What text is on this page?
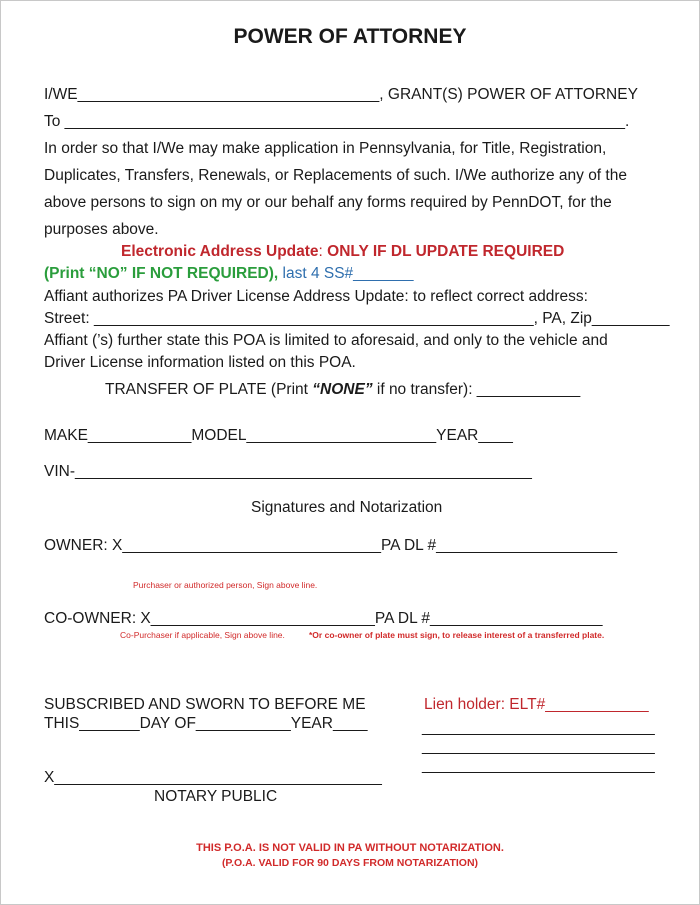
POWER OF ATTORNEY
I/WE___________________________________, GRANT(S) POWER OF ATTORNEY
To _________________________________________________________________.
In order so that I/We may make application in Pennsylvania, for Title, Registration,
Duplicates, Transfers, Renewals, or Replacements of such. I/We authorize any of the
above persons to sign on my or our behalf any forms required by PennDOT, for the
purposes above.
Electronic Address Update: ONLY IF DL UPDATE REQUIRED
(Print “NO” IF NOT REQUIRED), last 4 SS#_______
Affiant authorizes PA Driver License Address Update: to reflect correct address:
Street: ___________________________________________________, PA, Zip_________
Affiant (’s) further state this POA is limited to aforesaid, and only to the vehicle and
Driver License information listed on this POA.
TRANSFER OF PLATE (Print “NONE” if no transfer): ____________
MAKE____________MODEL______________________YEAR____
VIN-_____________________________________________________
Signatures and Notarization
OWNER: X______________________________PA DL #_____________________
Purchaser or authorized person, Sign above line.
CO-OWNER: X__________________________PA DL #____________________
Co-Purchaser if applicable, Sign above line.	*Or co-owner of plate must sign, to release interest of a transferred plate.
SUBSCRIBED AND SWORN TO BEFORE ME
THIS_______DAY OF___________YEAR____
X______________________________________
NOTARY PUBLIC
Lien holder: ELT#____________
___________________________
___________________________
___________________________
THIS P.O.A. IS NOT VALID IN PA WITHOUT NOTARIZATION.
(P.O.A. VALID FOR 90 DAYS FROM NOTARIZATION)
